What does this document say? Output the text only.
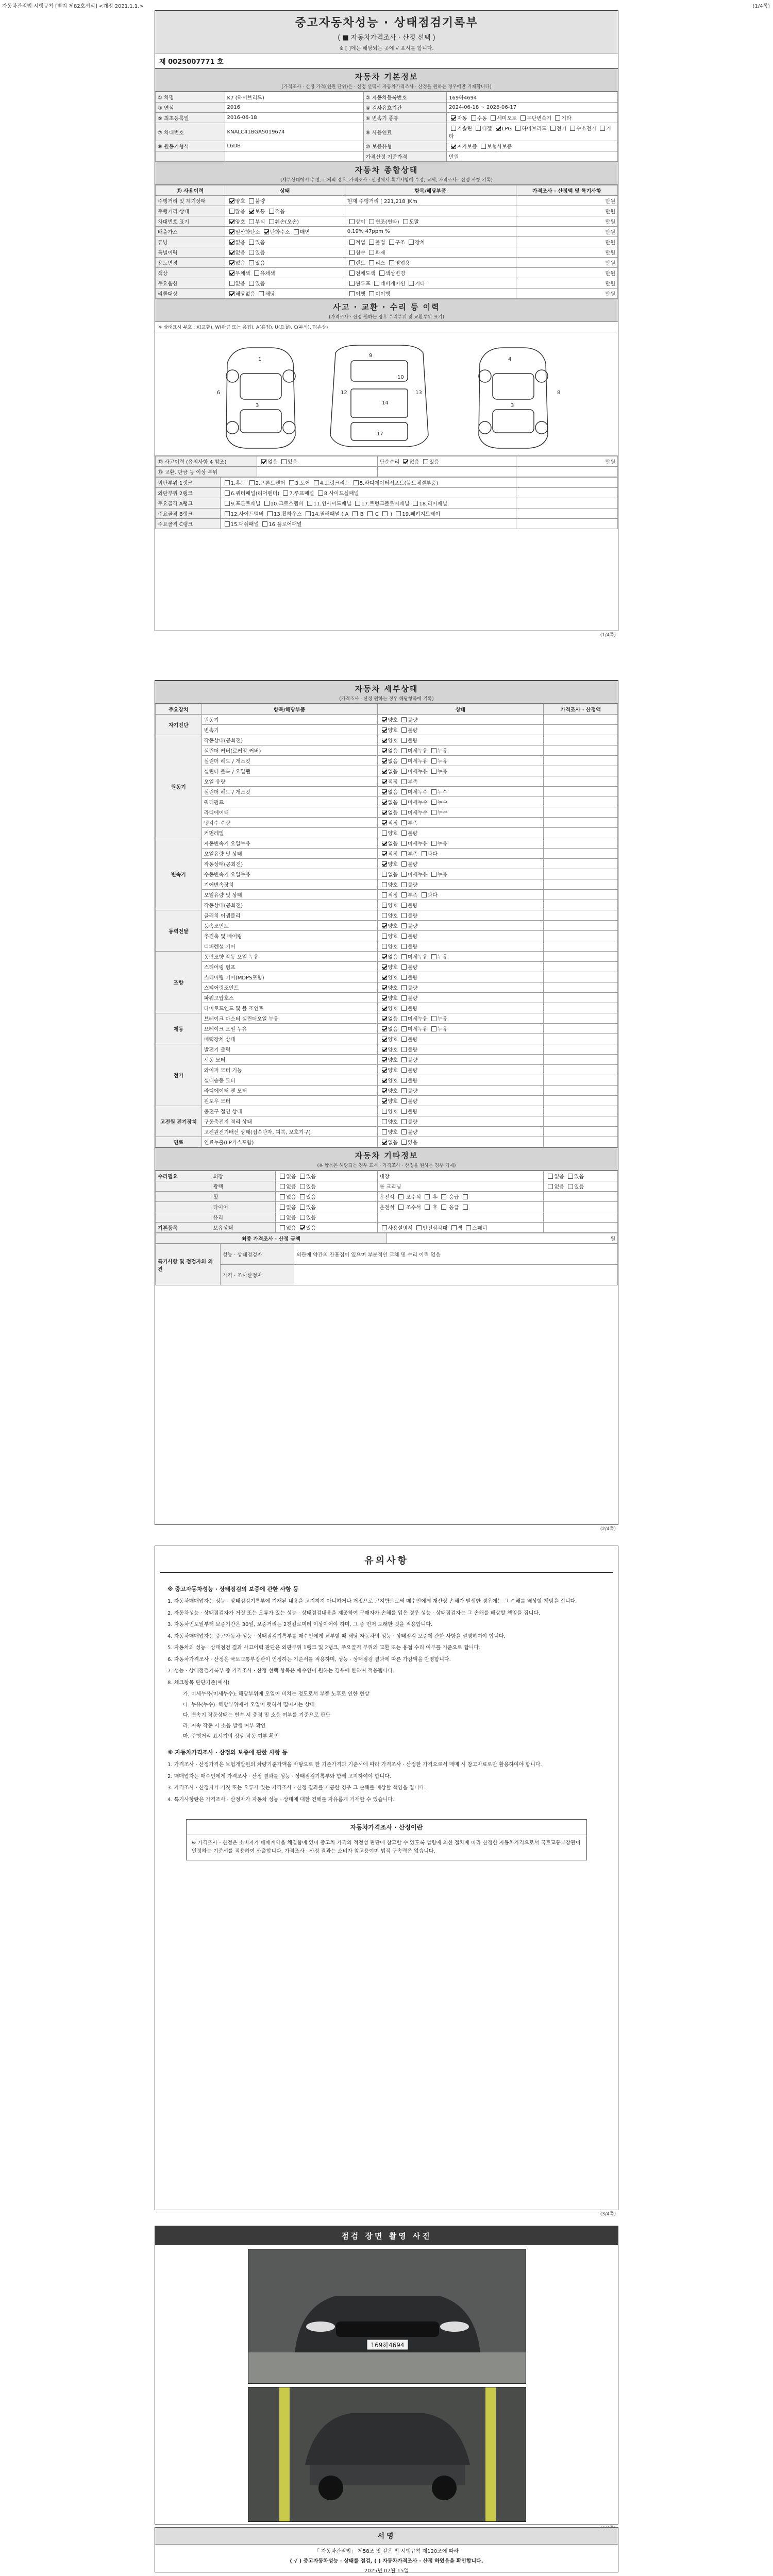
자동차관리법 시행규칙 [별지 제82호서식] <개정 2021.1.1.>	(1/4쪽)
중고자동차성능 · 상태점검기록부
( ■ 자동차가격조사 · 산정 선택 )
※ [ ]에는 해당되는 곳에 √ 표시를 합니다.
제 0025007771 호
자동차 기본정보
(가격조사 · 산정 가격(천원 단위)은 · 산정 선택시 자동차가격조사 · 산정을 원하는 경우에만 기재합니다)
① 차명	K7 (하이브리드)	② 자동차등록번호	169하4694
③ 연식	2016	④ 검사유효기간	2024-06-18 ~ 2026-06-17
⑤ 최초등록일	2016-06-18	⑥ 변속기 종류	자동 수동 세미오토 무단변속기 기타
⑦ 차대번호	KNALC41BGA5019674	⑧ 사용연료	가솔린 디젤 LPG 하이브리드 전기 수소전기 기타
⑨ 원동기형식	L6DB	⑩ 보증유형	자가보증 보험사보증
		가격산정 기준가격	만원
자동차 종합상태
(세부상태에서 수정, 교체의 경우, 가격조사 · 산정에서 특기사항에 수정, 교체, 가격조사 · 산정 사항 기록)
⑪ 사용이력	상태	항목/해당부품	가격조사 · 산정액 및 특기사항
주행거리 및 계기상태	양호 불량	현재 주행거리 [ 221,218 ]Km	만원
주행거리 상태	많음 보통 적음		만원
차대번호 표기	양호 부식 훼손(오손)	상이 변조(변타) 도말	만원
배출가스	일산화탄소 탄화수소 매연	0.19% 47ppm %	만원
튜닝	없음 있음	적법 불법 구조 장치	만원
특별이력	없음 있음	침수 화재	만원
용도변경	없음 있음	렌트 리스 영업용	만원
색상	무채색 유채색	전체도색 색상변경	만원
주요옵션	없음 있음	썬루프 네비게이션 기타	만원
리콜대상	해당없음 해당	이행 미이행	만원
사고 · 교환 · 수리 등 이력
(가격조사 · 산정 원하는 경우 수리부위 및 교환부위 표기)
※ 상태표시 부호 : X(교환), W(판금 또는 용접), A(흠집), U(요철), C(부식), T(손상)
1
9
14
3	3
4
17
10
12	13
6	8
⑫ 사고이력 (유의사항 4 참조)	없음 있음	단순수리 없음 있음	만원
⑬ 교환, 판금 등 이상 부위			
외판부위 1랭크	1.후드 2.프론트펜더 3.도어 4.트렁크리드 5.라디에이터서포트(볼트체결부품)	
외판부위 2랭크	6.쿼터패널(리어펜더) 7.루프패널 8.사이드실패널	
주요골격 A랭크	9.프론트패널 10.크로스멤버 11.인사이드패널 17.트렁크플로어패널 18.리어패널	
주요골격 B랭크	12.사이드멤버 13.휠하우스 14.필러패널 ( A  B  C  ) 19.패키지트레이	
주요골격 C랭크	15.대쉬패널 16.플로어패널	
(1/4쪽)
자동차 세부상태
(가격조사 · 산정 원하는 경우 해당항목에 기록)
주요장치	항목/해당부품	상태	가격조사 · 산정액
자기진단	원동기	양호 불량	
	변속기	양호 불량	
원동기	작동상태(공회전)	양호 불량	
	실린더 커버(로커암 커버)	없음 미세누유 누유	
	실린더 헤드 / 개스킷	없음 미세누유 누유	
	실린더 블록 / 오일팬	없음 미세누유 누유	
	오일 유량	적정 부족	
	실린더 헤드 / 개스킷	없음 미세누수 누수	
	워터펌프	없음 미세누수 누수	
	라디에이터	없음 미세누수 누수	
	냉각수 수량	적정 부족	
	커먼레일	양호 불량	
변속기	자동변속기 오일누유	없음 미세누유 누유	
	오일유량 및 상태	적정 부족 과다	
	작동상태(공회전)	양호 불량	
	수동변속기 오일누유	없음 미세누유 누유	
	기어변속장치	양호 불량	
	오일유량 및 상태	적정 부족 과다	
	작동상태(공회전)	양호 불량	
동력전달	클러치 어셈블리	양호 불량	
	등속조인트	양호 불량	
	추진축 및 베어링	양호 불량	
	디퍼렌셜 기어	양호 불량	
조향	동력조향 작동 오일 누유	없음 미세누유 누유	
	스티어링 펌프	양호 불량	
	스티어링 기어(MDPS포함)	양호 불량	
	스티어링조인트	양호 불량	
	파워고압호스	양호 불량	
	타이로드엔드 및 볼 조인트	양호 불량	
제동	브레이크 마스터 실린더오일 누유	없음 미세누유 누유	
	브레이크 오일 누유	없음 미세누유 누유	
	배력장치 상태	양호 불량	
전기	발전기 출력	양호 불량	
	시동 모터	양호 불량	
	와이퍼 모터 기능	양호 불량	
	실내송풍 모터	양호 불량	
	라디에이터 팬 모터	양호 불량	
	윈도우 모터	양호 불량	
고전원 전기장치	충전구 절연 상태	양호 불량	
	구동축전지 격리 상태	양호 불량	
	고전원전기배선 상태(접속단자, 피복, 보호기구)	양호 불량	
연료	연료누출(LP가스포함)	없음 있음	
자동차 기타정보
(※ 항목은 해당되는 경우 표시 · 가격조사 · 산정을 원하는 경우 기재)
수리필요	외장	없음 있음	내장	없음 있음
	광택	없음 있음	룸 크리닝	없음 있음
	휠	없음 있음	운전석  조수석  후  응급	
	타이어	없음 있음	운전석  조수석  후  응급	
	유리	없음 있음		
기본품목	보유상태	없음 있음	사용설명서 안전삼각대 잭 스패너	
최종 가격조사 · 산정 금액	원
특기사항 및 점검자의 의견	성능 · 상태점검자	외관에 약간의 잔흠집이 있으며 부분적인 교체 및 수리 이력 없음
	가격 · 조사산정자	
(2/4쪽)
유의사항
※ 중고자동차성능 · 상태점검의 보증에 관한 사항 등
1. 자동차매매업자는 성능 · 상태점검기록부에 기재된 내용을 고지하지 아니하거나 거짓으로 고지함으로써 매수인에게 재산상 손해가 발생한 경우에는 그 손해를 배상할 책임을 집니다.
2. 자동차성능 · 상태점검자가 거짓 또는 오류가 있는 성능 · 상태점검내용을 제공하여 구매자가 손해를 입은 경우 성능 · 상태점검자는 그 손해를 배상할 책임을 집니다.
3. 자동차인도일부터 보증기간은 30일, 보증거리는 2천킬로미터 이상이어야 하며, 그 중 먼저 도래한 것을 적용합니다.
4. 자동차매매업자는 중고자동차 성능 · 상태점검기록부를 매수인에게 교부할 때 해당 자동차의 성능 · 상태점검 보증에 관한 사항을 설명하여야 합니다.
5. 자동차의 성능 · 상태점검 결과 사고이력 판단은 외판부위 1랭크 및 2랭크, 주요골격 부위의 교환 또는 용접 수리 여부를 기준으로 합니다.
6. 자동차가격조사 · 산정은 국토교통부장관이 인정하는 기준서를 적용하며, 성능 · 상태점검 결과에 따른 가감액을 반영합니다.
7. 성능 · 상태점검기록부 중 가격조사 · 산정 선택 항목은 매수인이 원하는 경우에 한하여 적용됩니다.
8. 체크항목 판단기준(예시)
가. 미세누유(미세누수): 해당부위에 오일이 비치는 정도로서 부품 노후로 인한 현상
나. 누유(누수): 해당부위에서 오일이 맺혀서 떨어지는 상태
다. 변속기 작동상태는 변속 시 충격 및 소음 여부를 기준으로 판단
라. 저속 작동 시 소음 발생 여부 확인
마. 주행거리 표시기의 정상 작동 여부 확인
※ 자동차가격조사 · 산정의 보증에 관한 사항 등
1. 가격조사 · 산정가격은 보험개발원의 차량기준가액을 바탕으로 한 기준가격과 기준서에 따라 가격조사 · 산정한 가격으로서 매매 시 참고자료로만 활용하여야 합니다.
2. 매매업자는 매수인에게 가격조사 · 산정 결과를 성능 · 상태점검기록부와 함께 고지하여야 합니다.
3. 가격조사 · 산정자가 거짓 또는 오류가 있는 가격조사 · 산정 결과를 제공한 경우 그 손해를 배상할 책임을 집니다.
4. 특기사항란은 가격조사 · 산정자가 자동차 성능 · 상태에 대한 견해를 자유롭게 기재할 수 있습니다.
자동차가격조사 · 산정이란
※ 가격조사 · 산정은 소비자가 매매계약을 체결함에 있어 중고차 가격의 적정성 판단에 참고할 수 있도록 법령에 의한 절차에 따라 산정한 자동차가격으로서 국토교통부장관이 인정하는 기준서를 적용하여 산출합니다. 가격조사 · 산정 결과는 소비자 참고용이며 법적 구속력은 없습니다.
(3/4쪽)
점검 장면 촬영 사진
169하4694
서명
「 자동차관리법」 제58조 및 같은 법 시행규칙 제120조에 따라
( √ ) 중고자동차성능 · 상태를 점검, ( ) 자동차가격조사 · 산정 하였음을 확인합니다.
2025년 07월 15일
